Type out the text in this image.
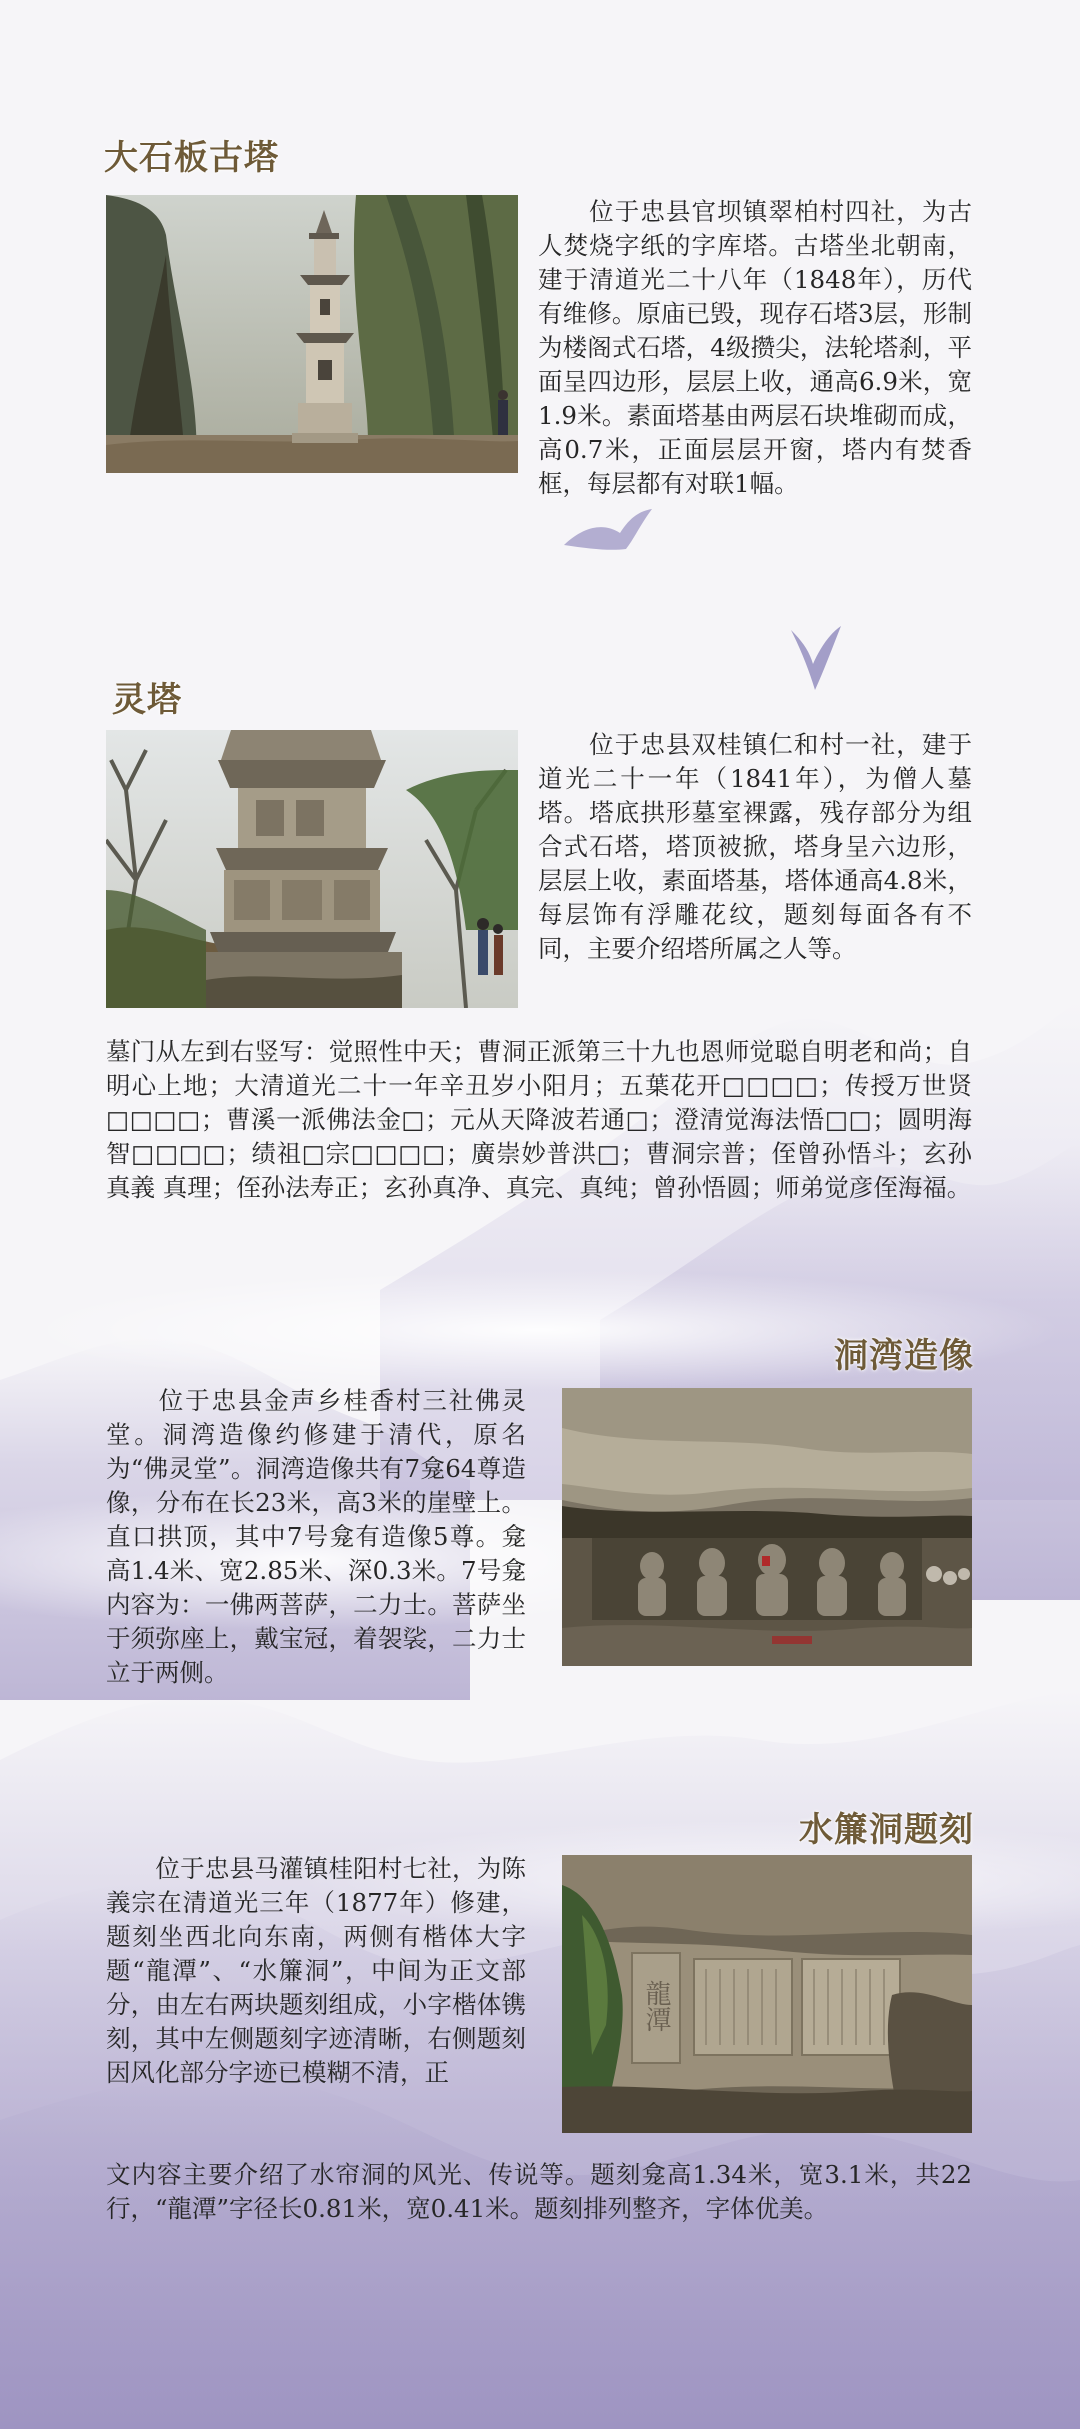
大石板古塔

　　位于忠县官坝镇翠柏村四社，为古人焚烧字纸的字库塔。古塔坐北朝南，建于清道光二十八年（1848年），历代有维修。原庙已毁，现存石塔3层，形制为楼阁式石塔，4级攒尖，法轮塔刹，平面呈四边形，层层上收，通高6.9米，宽1.9米。素面塔基由两层石块堆砌而成，高0.7米，正面层层开窗，塔内有焚香框，每层都有对联1幅。

灵塔

　　位于忠县双桂镇仁和村一社，建于道光二十一年（1841年），为僧人墓塔。塔底拱形墓室裸露，残存部分为组合式石塔，塔顶被掀，塔身呈六边形，层层上收，素面塔基，塔体通高4.8米，每层饰有浮雕花纹，题刻每面各有不同，主要介绍塔所属之人等。

墓门从左到右竖写：觉照性中天；曹洞正派第三十九也恩师觉聪自明老和尚；自明心上地；大清道光二十一年辛丑岁小阳月；五葉花开□□□□；传授万世贤□□□□；曹溪一派佛法金□；元从天降波若通□；澄清觉海法悟□□；圆明海智□□□□；绩祖□宗□□□□；廣崇妙普洪□；曹洞宗普；侄曾孙悟斗；玄孙真義 真理；侄孙法寿正；玄孙真净、真完、真纯；曾孙悟圆；师弟觉彦侄海福。

洞湾造像

　　位于忠县金声乡桂香村三社佛灵堂。洞湾造像约修建于清代，原名为“佛灵堂”。洞湾造像共有7龛64尊造像，分布在长23米，高3米的崖壁上。直口拱顶，其中7号龛有造像5尊。龛高1.4米、宽2.85米、深0.3米。7号龛内容为：一佛两菩萨，二力士。菩萨坐于须弥座上，戴宝冠，着袈裟，二力士立于两侧。

水簾洞题刻
龍潭

　　位于忠县马灌镇桂阳村七社，为陈義宗在清道光三年（1877年）修建，题刻坐西北向东南，两侧有楷体大字题“龍潭”、“水簾洞”，中间为正文部分，由左右两块题刻组成，小字楷体镌刻，其中左侧题刻字迹清晰，右侧题刻因风化部分字迹已模糊不清，正

文内容主要介绍了水帘洞的风光、传说等。题刻龛高1.34米，宽3.1米，共22行，“龍潭”字径长0.81米，宽0.41米。题刻排列整齐，字体优美。
